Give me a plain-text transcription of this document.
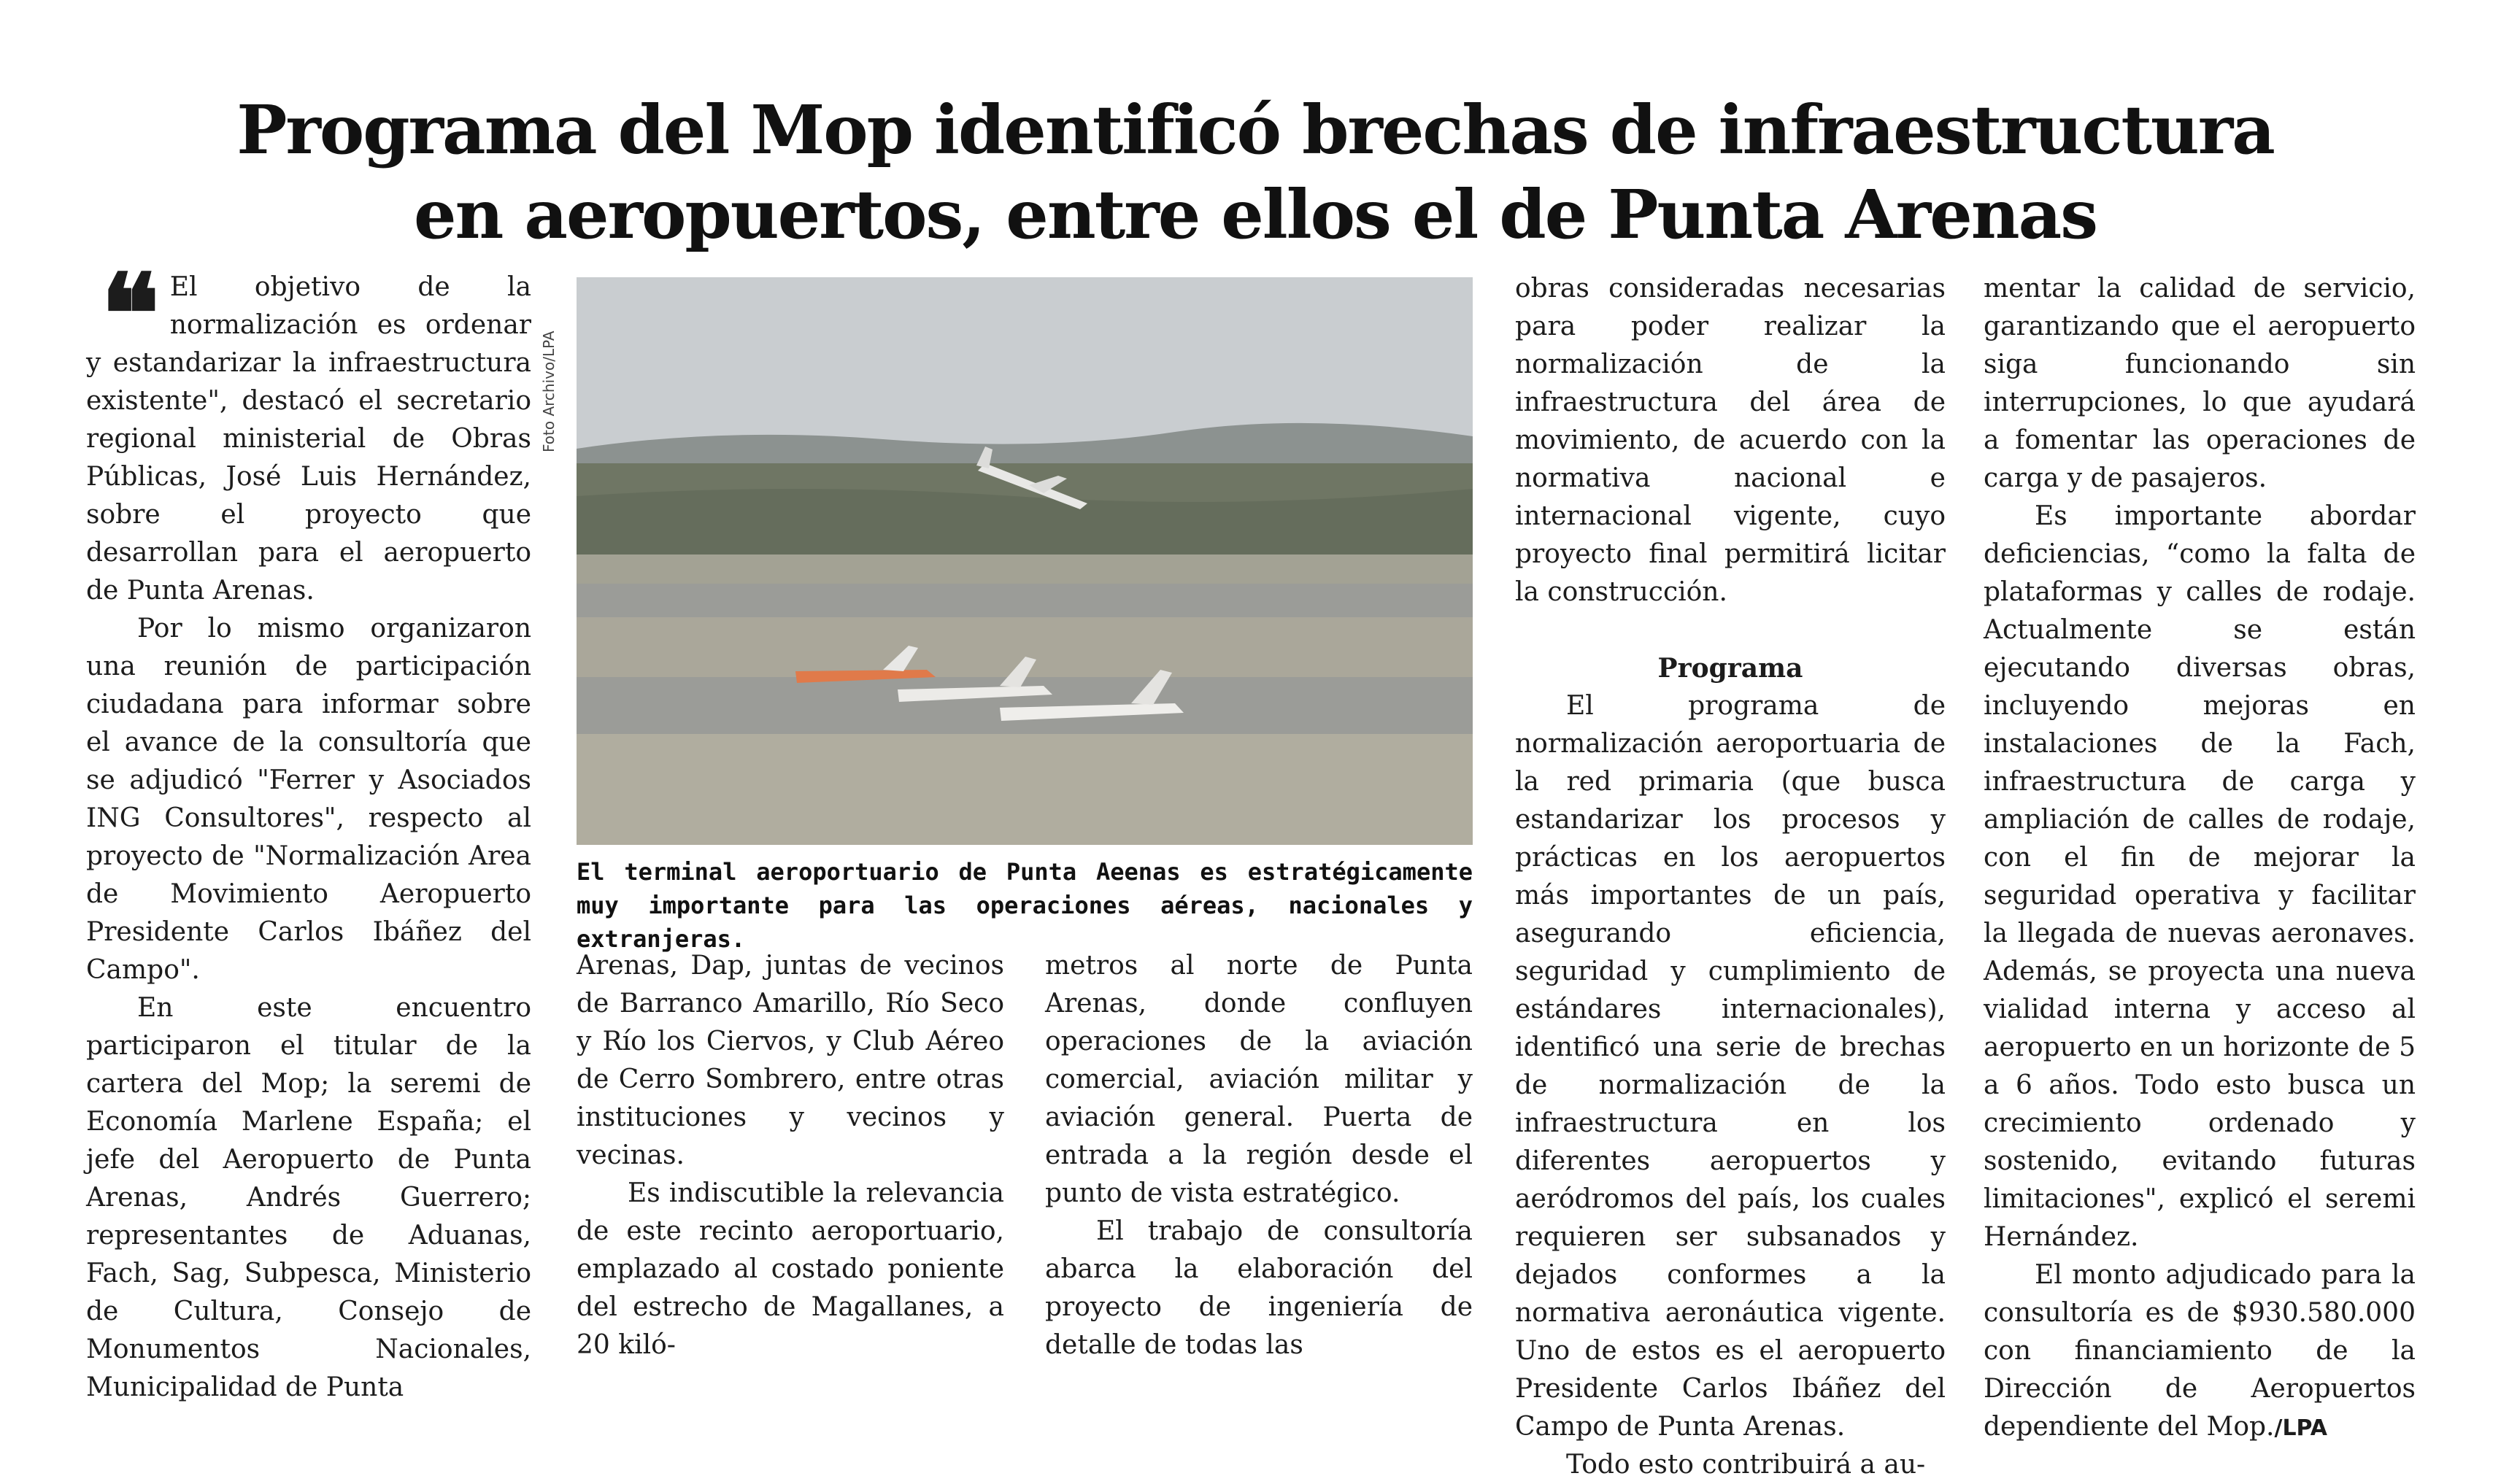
Programa del Mop identificó brechas de infraestructura
en aeropuertos, entre ellos el de Punta Arenas

❝ El objetivo de la normalización es ordenar y estandarizar la infraestructura existente", destacó el secretario regional ministerial de Obras Públicas, José Luis Hernández, sobre el proyecto que desarrollan para el aeropuerto de Punta Arenas.

Por lo mismo organizaron una reunión de participación ciudadana para informar sobre el avance de la consultoría que se adjudicó "Ferrer y Asociados ING Consultores", respecto al proyecto de "Normalización Area de Movimiento Aeropuerto Presidente Carlos Ibáñez del Campo".

En este encuentro participaron el titular de la cartera del Mop; la seremi de Economía Marlene España; el jefe del Aeropuerto de Punta Arenas, Andrés Guerrero; representantes de Aduanas, Fach, Sag, Subpesca, Ministerio de Cultura, Consejo de Monumentos Nacionales, Municipalidad de Punta

Foto Archivo/LPA
El terminal aeroportuario de Punta Aeenas es estratégicamente muy importante para las operaciones aéreas, nacionales y extranjeras.

Arenas, Dap, juntas de vecinos de Barranco Amarillo, Río Seco y Río los Ciervos, y Club Aéreo de Cerro Sombrero, entre otras instituciones y vecinos y vecinas.

Es indiscutible la relevancia de este recinto aeroportuario, emplazado al costado poniente del estrecho de Magallanes, a 20 kiló-

metros al norte de Punta Arenas, donde confluyen operaciones de la aviación comercial, aviación militar y aviación general. Puerta de entrada a la región desde el punto de vista estratégico.

El trabajo de consultoría abarca la elaboración del proyecto de ingeniería de detalle de todas las

obras consideradas necesarias para poder realizar la normalización de la infraestructura del área de movimiento, de acuerdo con la normativa nacional e internacional vigente, cuyo proyecto final permitirá licitar la construcción.

Programa

El programa de normalización aeroportuaria de la red primaria (que busca estandarizar los procesos y prácticas en los aeropuertos más importantes de un país, asegurando eficiencia, seguridad y cumplimiento de estándares internacionales), identificó una serie de brechas de normalización de la infraestructura en los diferentes aeropuertos y aeródromos del país, los cuales requieren ser subsanados y dejados conformes a la normativa aeronáutica vigente. Uno de estos es el aeropuerto Presidente Carlos Ibáñez del Campo de Punta Arenas.

Todo esto contribuirá a au-

mentar la calidad de servicio, garantizando que el aeropuerto siga funcionando sin interrupciones, lo que ayudará a fomentar las operaciones de carga y de pasajeros.

Es importante abordar deficiencias, “como la falta de plataformas y calles de rodaje. Actualmente se están ejecutando diversas obras, incluyendo mejoras en instalaciones de la Fach, infraestructura de carga y ampliación de calles de rodaje, con el fin de mejorar la seguridad operativa y facilitar la llegada de nuevas aeronaves. Además, se proyecta una nueva vialidad interna y acceso al aeropuerto en un horizonte de 5 a 6 años. Todo esto busca un crecimiento ordenado y sostenido, evitando futuras limitaciones", explicó el seremi Hernández.

El monto adjudicado para la consultoría es de $930.580.000 con financiamiento de la Dirección de Aeropuertos dependiente del Mop./LPA
